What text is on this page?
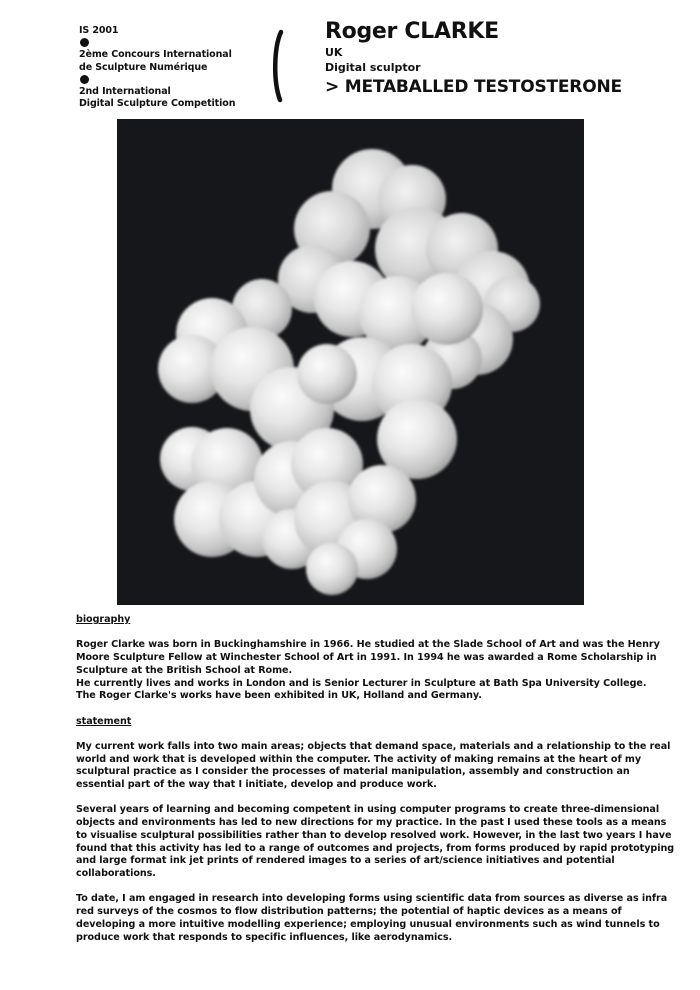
IS 2001
2ème Concours International
de Sculpture Numérique
2nd International
Digital Sculpture Competition
Roger CLARKE
UK
Digital sculptor
> METABALLED TESTOSTERONE
biography
Roger Clarke was born in Buckinghamshire in 1966. He studied at the Slade School of Art and was the Henry
Moore Sculpture Fellow at Winchester School of Art in 1991. In 1994 he was awarded a Rome Scholarship in
Sculpture at the British School at Rome.
He currently lives and works in London and is Senior Lecturer in Sculpture at Bath Spa University College.
The Roger Clarke's works have been exhibited in UK, Holland and Germany.
statement
My current work falls into two main areas; objects that demand space, materials and a relationship to the real
world and work that is developed within the computer. The activity of making remains at the heart of my
sculptural practice as I consider the processes of material manipulation, assembly and construction an
essential part of the way that I initiate, develop and produce work.
Several years of learning and becoming competent in using computer programs to create three-dimensional
objects and environments has led to new directions for my practice. In the past I used these tools as a means
to visualise sculptural possibilities rather than to develop resolved work. However, in the last two years I have
found that this activity has led to a range of outcomes and projects, from forms produced by rapid prototyping
and large format ink jet prints of rendered images to a series of art/science initiatives and potential
collaborations.
To date, I am engaged in research into developing forms using scientific data from sources as diverse as infra
red surveys of the cosmos to flow distribution patterns; the potential of haptic devices as a means of
developing a more intuitive modelling experience; employing unusual environments such as wind tunnels to
produce work that responds to specific influences, like aerodynamics.
